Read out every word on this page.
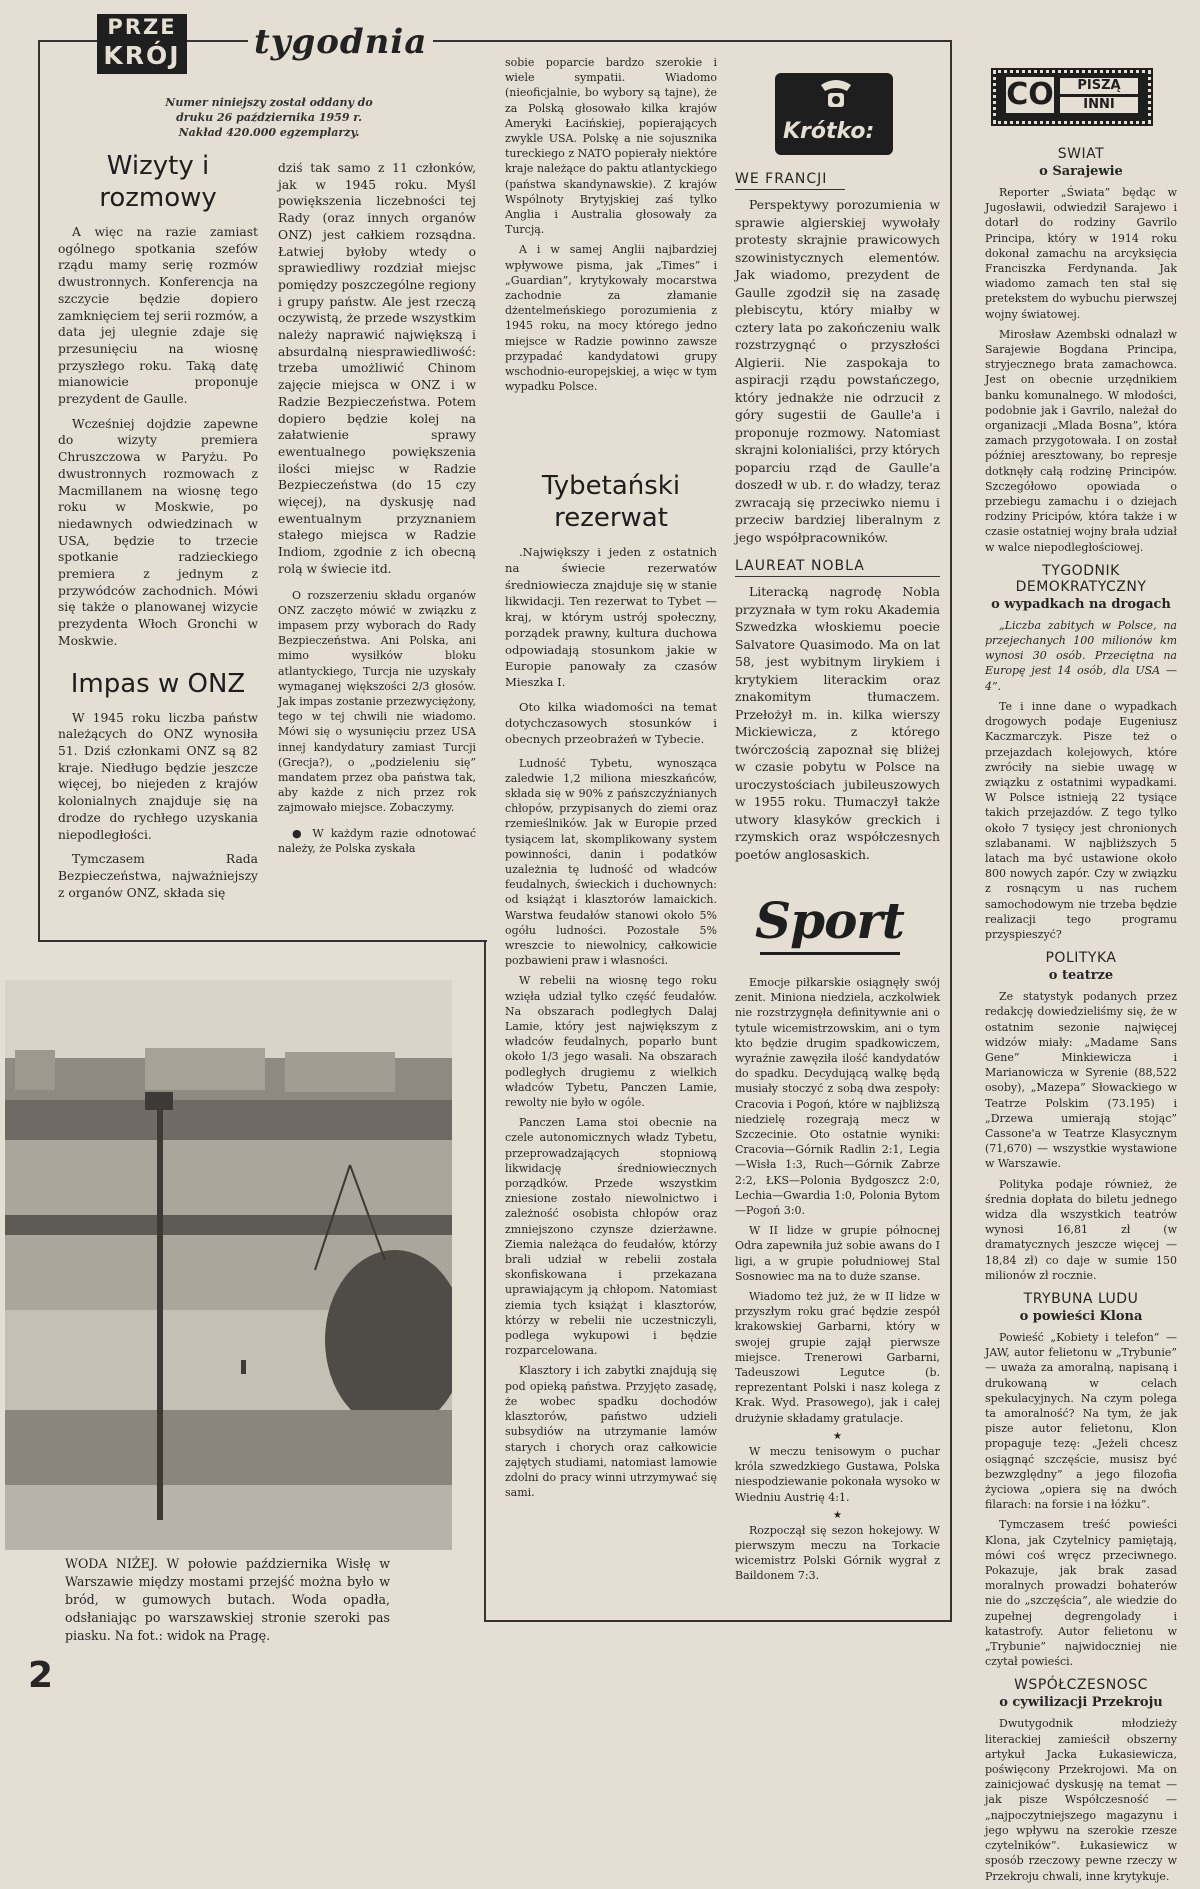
PRZE
KRÓJ tygodnia
Numer niniejszy został oddany do druku 26 października 1959 r. Nakład 420.000 egzemplarzy.
Wizyty i rozmowy

A więc na razie zamiast ogólnego spotkania szefów rządu mamy serię rozmów dwustronnych. Konferencja na szczycie będzie dopiero zamknięciem tej serii rozmów, a data jej ulegnie zdaje się przesunięciu na wiosnę przyszłego roku. Taką datę mianowicie proponuje prezydent de Gaulle.

Wcześniej dojdzie zapewne do wizyty premiera Chruszczowa w Paryżu. Po dwustronnych rozmowach z Macmillanem na wiosnę tego roku w Moskwie, po niedawnych odwiedzinach w USA, będzie to trzecie spotkanie radzieckiego premiera z jednym z przywódców zachodnich. Mówi się także o planowanej wizycie prezydenta Włoch Gronchi w Moskwie.

Impas w ONZ

W 1945 roku liczba państw należących do ONZ wynosiła 51. Dziś członkami ONZ są 82 kraje. Niedługo będzie jeszcze więcej, bo niejeden z krajów kolonialnych znajduje się na drodze do rychłego uzyskania niepodległości.

Tymczasem Rada Bezpieczeństwa, najważniejszy z organów ONZ, składa się

dziś tak samo z 11 członków, jak w 1945 roku. Myśl powiększenia liczebności tej Rady (oraz innych organów ONZ) jest całkiem rozsądna. Łatwiej byłoby wtedy o sprawiedliwy rozdział miejsc pomiędzy poszczególne regiony i grupy państw. Ale jest rzeczą oczywistą, że przede wszystkim należy naprawić największą i absurdalną niesprawiedliwość: trzeba umożliwić Chinom zajęcie miejsca w ONZ i w Radzie Bezpieczeństwa. Potem dopiero będzie kolej na załatwienie sprawy ewentualnego powiększenia ilości miejsc w Radzie Bezpieczeństwa (do 15 czy więcej), na dyskusję nad ewentualnym przyznaniem stałego miejsca w Radzie Indiom, zgodnie z ich obecną rolą w świecie itd.

O rozszerzeniu składu organów ONZ zaczęto mówić w związku z impasem przy wyborach do Rady Bezpieczeństwa. Ani Polska, ani mimo wysiłków bloku atlantyckiego, Turcja nie uzyskały wymaganej większości 2/3 głosów. Jak impas zostanie przezwyciężony, tego w tej chwili nie wiadomo. Mówi się o wysunięciu przez USA innej kandydatury zamiast Turcji (Grecja?), o „podzieleniu się” mandatem przez oba państwa tak, aby każde z nich przez rok zajmowało miejsce. Zobaczymy.

● W każdym razie odnotować należy, że Polska zyskała

sobie poparcie bardzo szerokie i wiele sympatii. Wiadomo (nieoficjalnie, bo wybory są tajne), że za Polską głosowało kilka krajów Ameryki Łacińskiej, popierających zwykle USA. Polskę a nie sojusznika tureckiego z NATO popierały niektóre kraje należące do paktu atlantyckiego (państwa skandynawskie). Z krajów Wspólnoty Brytyjskiej zaś tylko Anglia i Australia głosowały za Turcją.

A i w samej Anglii najbardziej wpływowe pisma, jak „Times” i „Guardian”, krytykowały mocarstwa zachodnie za złamanie dżentelmeńskiego porozumienia z 1945 roku, na mocy którego jedno miejsce w Radzie powinno zawsze przypadać kandydatowi grupy wschodnio-europejskiej, a więc w tym wypadku Polsce.

Tybetański rezerwat

.Największy i jeden z ostatnich na świecie rezerwatów średniowiecza znajduje się w stanie likwidacji. Ten rezerwat to Tybet — kraj, w którym ustrój społeczny, porządek prawny, kultura duchowa odpowiadają stosunkom jakie w Europie panowały za czasów Mieszka I.

Oto kilka wiadomości na temat dotychczasowych stosunków i obecnych przeobrażeń w Tybecie.

Ludność Tybetu, wynosząca zaledwie 1,2 miliona mieszkańców, składa się w 90% z pańszczyźnianych chłopów, przypisanych do ziemi oraz rzemieślników. Jak w Europie przed tysiącem lat, skomplikowany system powinności, danin i podatków uzależnia tę ludność od władców feudalnych, świeckich i duchownych: od książąt i klasztorów lamaickich. Warstwa feudałów stanowi około 5% ogółu ludności. Pozostałe 5% wreszcie to niewolnicy, całkowicie pozbawieni praw i własności.

W rebelii na wiosnę tego roku wzięła udział tylko część feudałów. Na obszarach podległych Dalaj Lamie, który jest największym z władców feudalnych, poparło bunt około 1/3 jego wasali. Na obszarach podległych drugiemu z wielkich władców Tybetu, Panczen Lamie, rewolty nie było w ogóle.

Panczen Lama stoi obecnie na czele autonomicznych władz Tybetu, przeprowadzających stopniową likwidację średniowiecznych porządków. Przede wszystkim zniesione zostało niewolnictwo i zależność osobista chłopów oraz zmniejszono czynsze dzierżawne. Ziemia należąca do feudałów, którzy brali udział w rebelii została skonfiskowana i przekazana uprawiającym ją chłopom. Natomiast ziemia tych książąt i klasztorów, którzy w rebelii nie uczestniczyli, podlega wykupowi i będzie rozparcelowana.

Klasztory i ich zabytki znajdują się pod opieką państwa. Przyjęto zasadę, że wobec spadku dochodów klasztorów, państwo udzieli subsydiów na utrzymanie lamów starych i chorych oraz całkowicie zajętych studiami, natomiast lamowie zdolni do pracy winni utrzymywać się sami.

Krótko:
WE FRANCJI

Perspektywy porozumienia w sprawie algierskiej wywołały protesty skrajnie prawicowych szowinistycznych elementów. Jak wiadomo, prezydent de Gaulle zgodził się na zasadę plebiscytu, który miałby w cztery lata po zakończeniu walk rozstrzygnąć o przyszłości Algierii. Nie zaspokaja to aspiracji rządu powstańczego, który jednakże nie odrzucił z góry sugestii de Gaulle'a i proponuje rozmowy. Natomiast skrajni kolonialiści, przy których poparciu rząd de Gaulle'a doszedł w ub. r. do władzy, teraz zwracają się przeciwko niemu i przeciw bardziej liberalnym z jego współpracowników.

LAUREAT NOBLA

Literacką nagrodę Nobla przyznała w tym roku Akademia Szwedzka włoskiemu poecie Salvatore Quasimodo. Ma on lat 58, jest wybitnym lirykiem i krytykiem literackim oraz znakomitym tłumaczem. Przełożył m. in. kilka wierszy Mickiewicza, z którego twórczością zapoznał się bliżej w czasie pobytu w Polsce na uroczystościach jubileuszowych w 1955 roku. Tłumaczył także utwory klasyków greckich i rzymskich oraz współczesnych poetów anglosaskich.

Sport

Emocje piłkarskie osiągnęły swój zenit. Miniona niedziela, aczkolwiek nie rozstrzygnęła definitywnie ani o tytule wicemistrzowskim, ani o tym kto będzie drugim spadkowiczem, wyraźnie zawęziła ilość kandydatów do spadku. Decydującą walkę będą musiały stoczyć z sobą dwa zespoły: Cracovia i Pogoń, które w najbliższą niedzielę rozegrają mecz w Szczecinie. Oto ostatnie wyniki: Cracovia—Górnik Radlin 2:1, Legia—Wisła 1:3, Ruch—Górnik Zabrze 2:2, ŁKS—Polonia Bydgoszcz 2:0, Lechia—Gwardia 1:0, Polonia Bytom—Pogoń 3:0.

W II lidze w grupie północnej Odra zapewniła już sobie awans do I ligi, a w grupie południowej Stal Sosnowiec ma na to duże szanse.

Wiadomo też już, że w II lidze w przyszłym roku grać będzie zespół krakowskiej Garbarni, który w swojej grupie zajął pierwsze miejsce. Trenerowi Garbarni, Tadeuszowi Legutce (b. reprezentant Polski i nasz kolega z Krak. Wyd. Prasowego), jak i całej drużynie składamy gratulacje.

★

W meczu tenisowym o puchar króla szwedzkiego Gustawa, Polska niespodziewanie pokonała wysoko w Wiedniu Austrię 4:1.

★

Rozpoczął się sezon hokejowy. W pierwszym meczu na Torkacie wicemistrz Polski Górnik wygrał z Baildonem 7:3.

WODA NIŻEJ. W połowie października Wisłę w Warszawie między mostami przejść można było w bród, w gumowych butach. Woda opadła, odsłaniając po warszawskiej stronie szeroki pas piasku. Na fot.: widok na Pragę.
CO	PISZĄ
INNI
SWIAT
o Sarajewie

Reporter „Świata” będąc w Jugosławii, odwiedził Sarajewo i dotarł do rodziny Gavrilo Principa, który w 1914 roku dokonał zamachu na arcyksięcia Franciszka Ferdynanda. Jak wiadomo zamach ten stał się pretekstem do wybuchu pierwszej wojny światowej.

Mirosław Azembski odnalazł w Sarajewie Bogdana Principa, stryjecznego brata zamachowca. Jest on obecnie urzędnikiem banku komunalnego. W młodości, podobnie jak i Gavrilo, należał do organizacji „Mlada Bosna”, która zamach przygotowała. I on został później aresztowany, bo represje dotknęły całą rodzinę Principów. Szczegółowo opowiada o przebiegu zamachu i o dziejach rodziny Pricipów, która także i w czasie ostatniej wojny brała udział w walce niepodległościowej.

TYGODNIK DEMOKRATYCZNY
o wypadkach na drogach

„Liczba zabitych w Polsce, na przejechanych 100 milionów km wynosi 30 osób. Przeciętna na Europę jest 14 osób, dla USA — 4”.

Te i inne dane o wypadkach drogowych podaje Eugeniusz Kaczmarczyk. Pisze też o przejazdach kolejowych, które zwróciły na siebie uwagę w związku z ostatnimi wypadkami. W Polsce istnieją 22 tysiące takich przejazdów. Z tego tylko około 7 tysięcy jest chronionych szlabanami. W najbliższych 5 latach ma być ustawione około 800 nowych zapór. Czy w związku z rosnącym u nas ruchem samochodowym nie trzeba będzie realizacji tego programu przyspieszyć?

POLITYKA
o teatrze

Ze statystyk podanych przez redakcję dowiedzieliśmy się, że w ostatnim sezonie najwięcej widzów miały: „Madame Sans Gene” Minkiewicza i Marianowicza w Syrenie (88,522 osoby), „Mazepa” Słowackiego w Teatrze Polskim (73.195) i „Drzewa umierają stojąc” Cassone'a w Teatrze Klasycznym (71,670) — wszystkie wystawione w Warszawie.

Polityka podaje również, że średnia dopłata do biletu jednego widza dla wszystkich teatrów wynosi 16,81 zł (w dramatycznych jeszcze więcej — 18,84 zł) co daje w sumie 150 milionów zł rocznie.

TRYBUNA LUDU
o powieści Klona

Powieść „Kobiety i telefon” — JAW, autor felietonu w „Trybunie” — uważa za amoralną, napisaną i drukowaną w celach spekulacyjnych. Na czym polega ta amoralność? Na tym, że jak pisze autor felietonu, Klon propaguje tezę: „Jeżeli chcesz osiągnąć szczęście, musisz być bezwzględny” a jego filozofia życiowa „opiera się na dwóch filarach: na forsie i na łóżku”.

Tymczasem treść powieści Klona, jak Czytelnicy pamiętają, mówi coś wręcz przeciwnego. Pokazuje, jak brak zasad moralnych prowadzi bohaterów nie do „szczęścia”, ale wiedzie do zupełnej degrengolady i katastrofy. Autor felietonu w „Trybunie” najwidoczniej nie czytał powieści.

WSPÓŁCZESNOSC
o cywilizacji Przekroju

Dwutygodnik młodzieży literackiej zamieścił obszerny artykuł Jacka Łukasiewicza, poświęcony Przekrojowi. Ma on zainicjować dyskusję na temat — jak pisze Współczesność — „najpoczytniejszego magazynu i jego wpływu na szerokie rzesze czytelników”. Łukasiewicz w sposób rzeczowy pewne rzeczy w Przekroju chwali, inne krytykuje.

2
